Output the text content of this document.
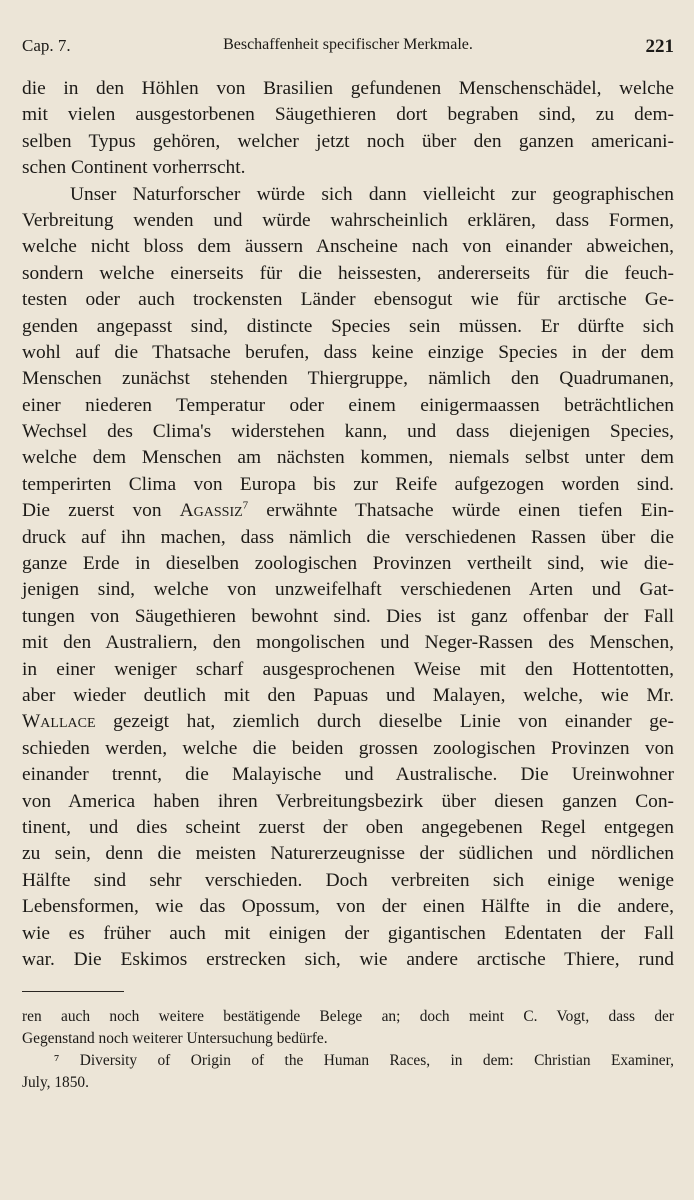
Cap. 7.	Beschaffenheit specifischer Merkmale.	221
die in den Höhlen von Brasilien gefundenen Menschenschädel, welche
mit vielen ausgestorbenen Säugethieren dort begraben sind, zu dem-
selben Typus gehören, welcher jetzt noch über den ganzen americani-
schen Continent vorherrscht.
Unser Naturforscher würde sich dann vielleicht zur geographischen
Verbreitung wenden und würde wahrscheinlich erklären, dass Formen,
welche nicht bloss dem äussern Anscheine nach von einander abweichen,
sondern welche einerseits für die heissesten, andererseits für die feuch-
testen oder auch trockensten Länder ebensogut wie für arctische Ge-
genden angepasst sind, distincte Species sein müssen. Er dürfte sich
wohl auf die Thatsache berufen, dass keine einzige Species in der dem
Menschen zunächst stehenden Thiergruppe, nämlich den Quadrumanen,
einer niederen Temperatur oder einem einigermaassen beträchtlichen
Wechsel des Clima's widerstehen kann, und dass diejenigen Species,
welche dem Menschen am nächsten kommen, niemals selbst unter dem
temperirten Clima von Europa bis zur Reife aufgezogen worden sind.
Die zuerst von Agassiz$^7$ erwähnte Thatsache würde einen tiefen Ein-
druck auf ihn machen, dass nämlich die verschiedenen Rassen über die
ganze Erde in dieselben zoologischen Provinzen vertheilt sind, wie die-
jenigen sind, welche von unzweifelhaft verschiedenen Arten und Gat-
tungen von Säugethieren bewohnt sind. Dies ist ganz offenbar der Fall
mit den Australiern, den mongolischen und Neger-Rassen des Menschen,
in einer weniger scharf ausgesprochenen Weise mit den Hottentotten,
aber wieder deutlich mit den Papuas und Malayen, welche, wie Mr.
Wallace gezeigt hat, ziemlich durch dieselbe Linie von einander ge-
schieden werden, welche die beiden grossen zoologischen Provinzen von
einander trennt, die Malayische und Australische. Die Ureinwohner
von America haben ihren Verbreitungsbezirk über diesen ganzen Con-
tinent, und dies scheint zuerst der oben angegebenen Regel entgegen
zu sein, denn die meisten Naturerzeugnisse der südlichen und nördlichen
Hälfte sind sehr verschieden. Doch verbreiten sich einige wenige
Lebensformen, wie das Opossum, von der einen Hälfte in die andere,
wie es früher auch mit einigen der gigantischen Edentaten der Fall
war. Die Eskimos erstrecken sich, wie andere arctische Thiere, rund
ren auch noch weitere bestätigende Belege an; doch meint C. Vogt, dass der
Gegenstand noch weiterer Untersuchung bedürfe.
⁷ Diversity of Origin of the Human Races, in dem: Christian Examiner,
July, 1850.
